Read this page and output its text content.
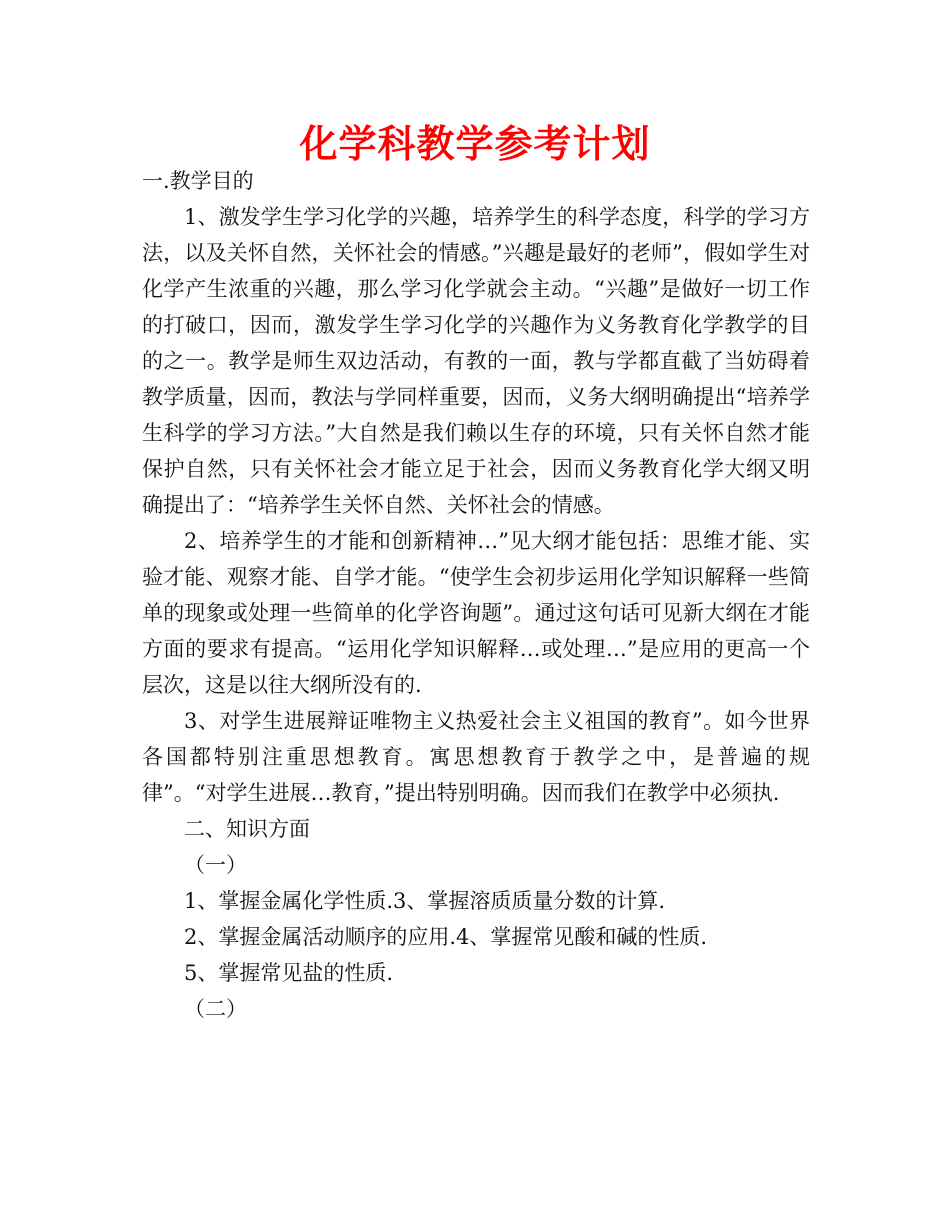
化学科教学参考计划

一.教学目的

1、激发学生学习化学的兴趣，培养学生的科学态度，科学的学习方法，以及关怀自然，关怀社会的情感。”兴趣是最好的老师”，假如学生对化学产生浓重的兴趣，那么学习化学就会主动。“兴趣”是做好一切工作的打破口，因而，激发学生学习化学的兴趣作为义务教育化学教学的目的之一。教学是师生双边活动，有教的一面，教与学都直截了当妨碍着教学质量，因而，教法与学同样重要，因而，义务大纲明确提出“培养学生科学的学习方法。”大自然是我们赖以生存的环境，只有关怀自然才能保护自然，只有关怀社会才能立足于社会，因而义务教育化学大纲又明确提出了：“培养学生关怀自然、关怀社会的情感。

2、培养学生的才能和创新精神…”见大纲才能包括：思维才能、实验才能、观察才能、自学才能。“使学生会初步运用化学知识解释一些简单的现象或处理一些简单的化学咨询题”。通过这句话可见新大纲在才能方面的要求有提高。“运用化学知识解释…或处理…”是应用的更高一个层次，这是以往大纲所没有的.

3、对学生进展辩证唯物主义热爱社会主义祖国的教育”。如今世界各国都特别注重思想教育。寓思想教育于教学之中，是普遍的规律”。“对学生进展…教育，”提出特别明确。因而我们在教学中必须执.

二、知识方面

（一）

1、掌握金属化学性质.3、掌握溶质质量分数的计算.

2、掌握金属活动顺序的应用.4、掌握常见酸和碱的性质.

5、掌握常见盐的性质.

（二）
